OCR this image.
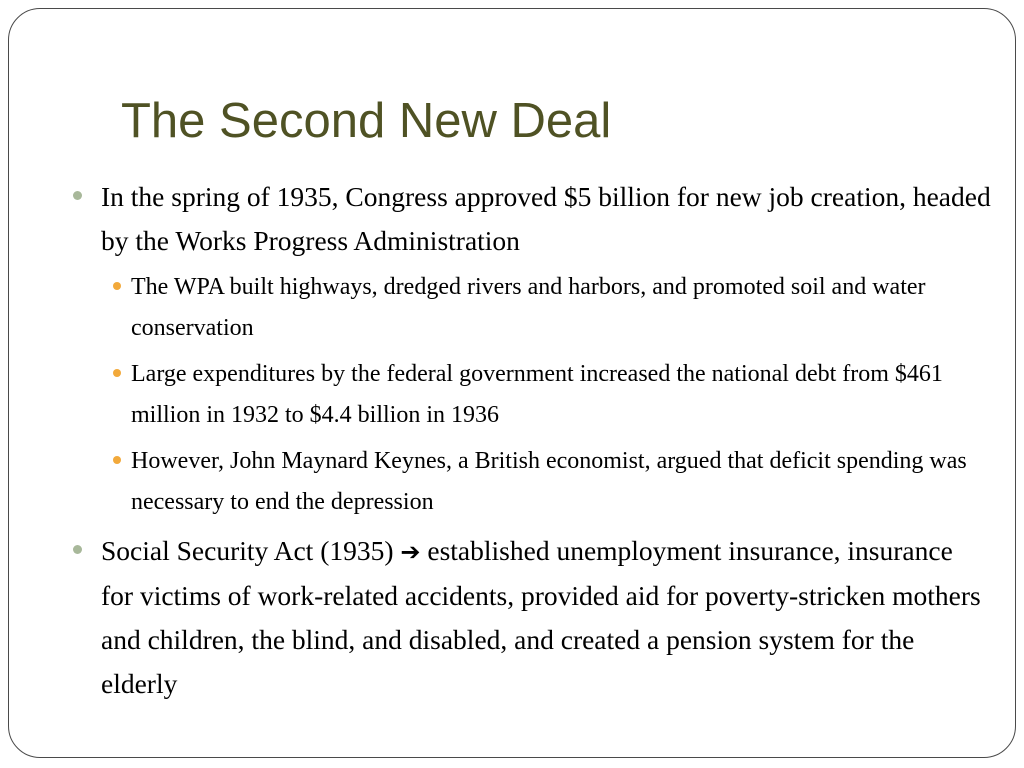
The Second New Deal
In the spring of 1935, Congress approved $5 billion for new job creation, headed by the Works Progress Administration
The WPA built highways, dredged rivers and harbors, and promoted soil and water conservation
Large expenditures by the federal government increased the national debt from $461 million in 1932 to $4.4 billion in 1936
However, John Maynard Keynes, a British economist, argued that deficit spending was necessary to end the depression
Social Security Act (1935) ➔ established unemployment insurance, insurance for victims of work-related accidents, provided aid for poverty-stricken mothers and children, the blind, and disabled, and created a pension system for the elderly
